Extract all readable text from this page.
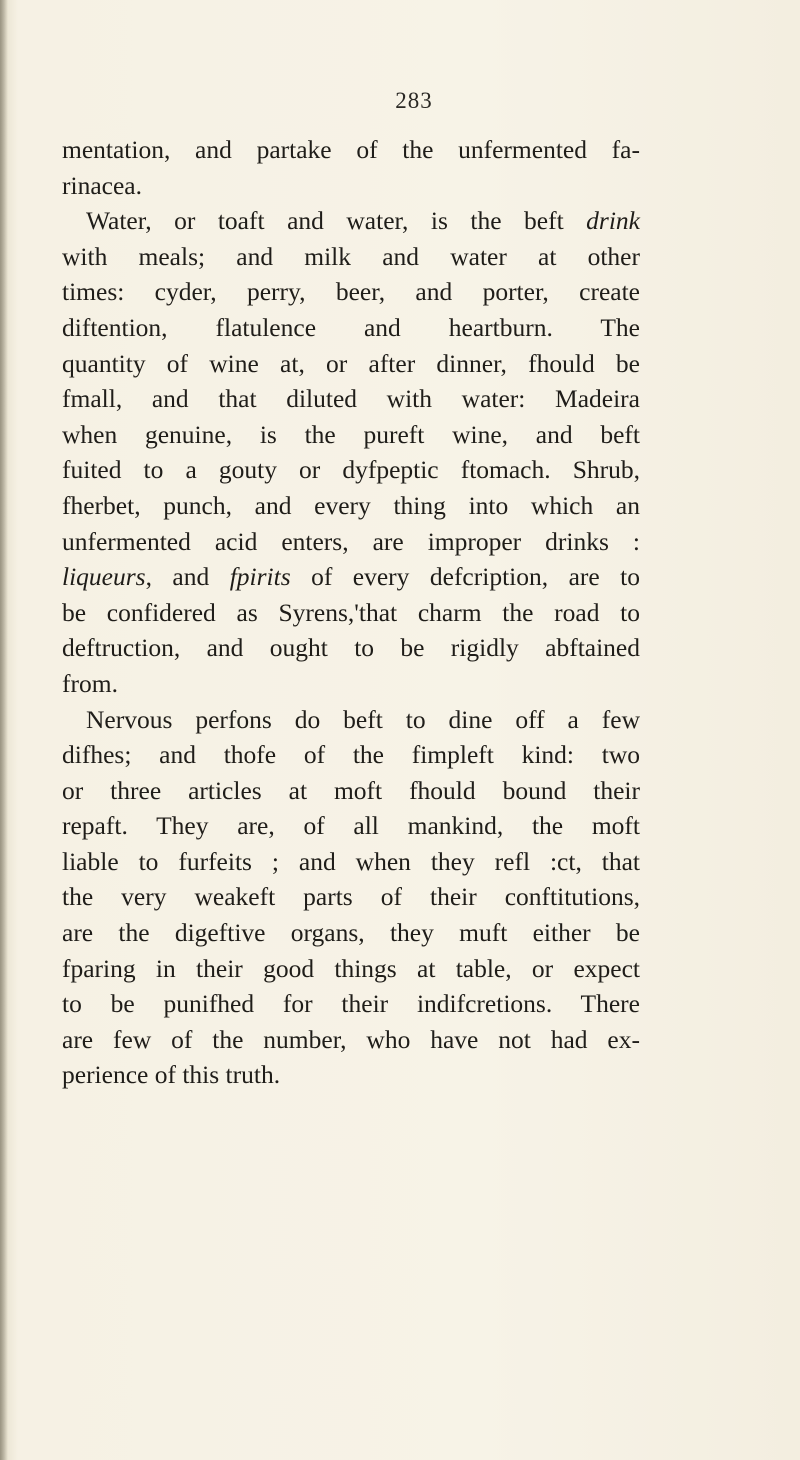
283

mentation, and partake of the unfermented fa-
rinacea.

Water, or toaft and water, is the beft drink
with meals; and milk and water at other
times: cyder, perry, beer, and porter, create
diftention, flatulence and heartburn. The
quantity of wine at, or after dinner, fhould be
fmall, and that diluted with water: Madeira
when genuine, is the pureft wine, and beft
fuited to a gouty or dyfpeptic ftomach. Shrub,
fherbet, punch, and every thing into which an
unfermented acid enters, are improper drinks :
liqueurs, and fpirits of every defcription, are to
be confidered as Syrens,'that charm the road to
deftruction, and ought to be rigidly abftained
from.

Nervous perfons do beft to dine off a few
difhes; and thofe of the fimpleft kind: two
or three articles at moft fhould bound their
repaft. They are, of all mankind, the moft
liable to furfeits ; and when they refl :ct, that
the very weakeft parts of their conftitutions,
are the digeftive organs, they muft either be
fparing in their good things at table, or expect
to be punifhed for their indifcretions. There
are few of the number, who have not had ex-
perience of this truth.
